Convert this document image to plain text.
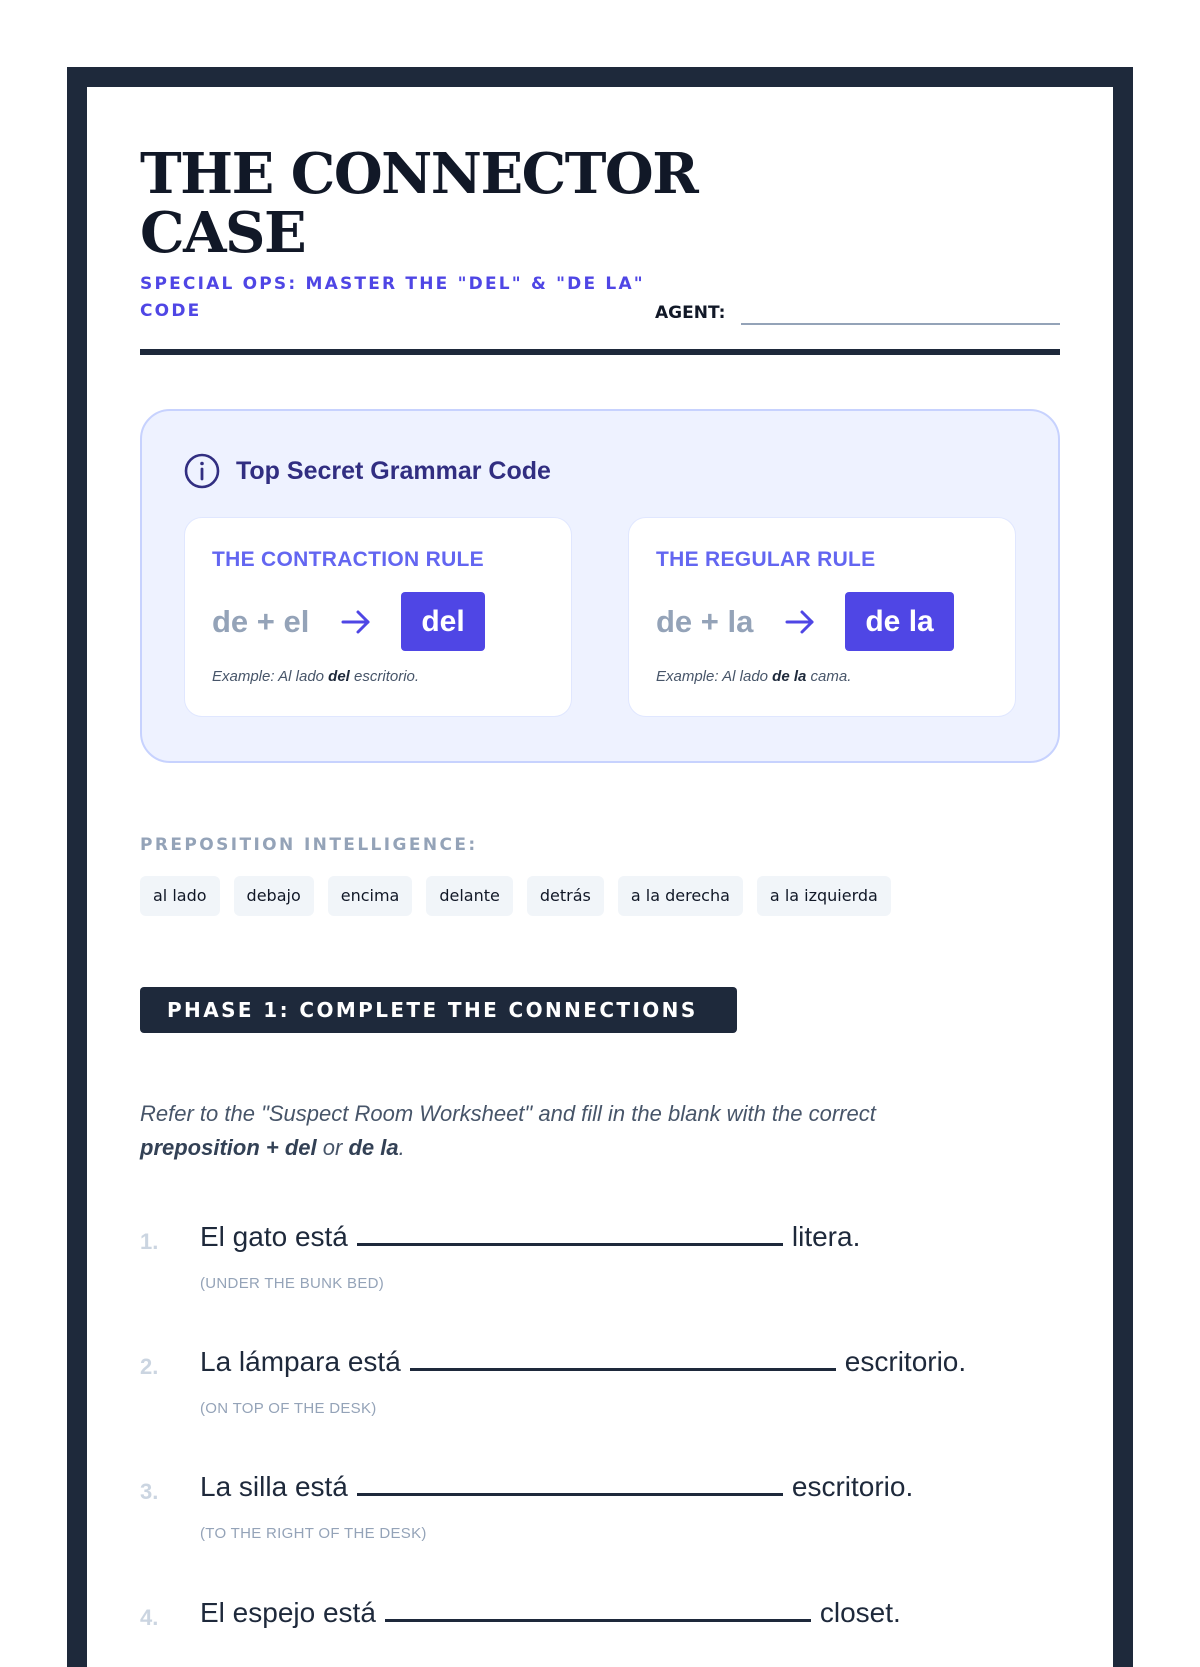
THE CONNECTOR CASE
SPECIAL OPS: MASTER THE "DEL" & "DE LA" CODE	AGENT:
Top Secret Grammar Code
THE CONTRACTION RULE
de + el	del
Example: Al lado del escritorio.
THE REGULAR RULE
de + la	de la
Example: Al lado de la cama.
PREPOSITION INTELLIGENCE:
al lado	debajo	encima	delante	detrás	a la derecha	a la izquierda
PHASE 1: COMPLETE THE CONNECTIONS

Refer to the "Suspect Room Worksheet" and fill in the blank with the correct preposition + del or de la.

1. El gato está	litera.
(UNDER THE BUNK BED)
2. La lámpara está	escritorio.
(ON TOP OF THE DESK)
3. La silla está	escritorio.
(TO THE RIGHT OF THE DESK)
4. El espejo está	closet.
